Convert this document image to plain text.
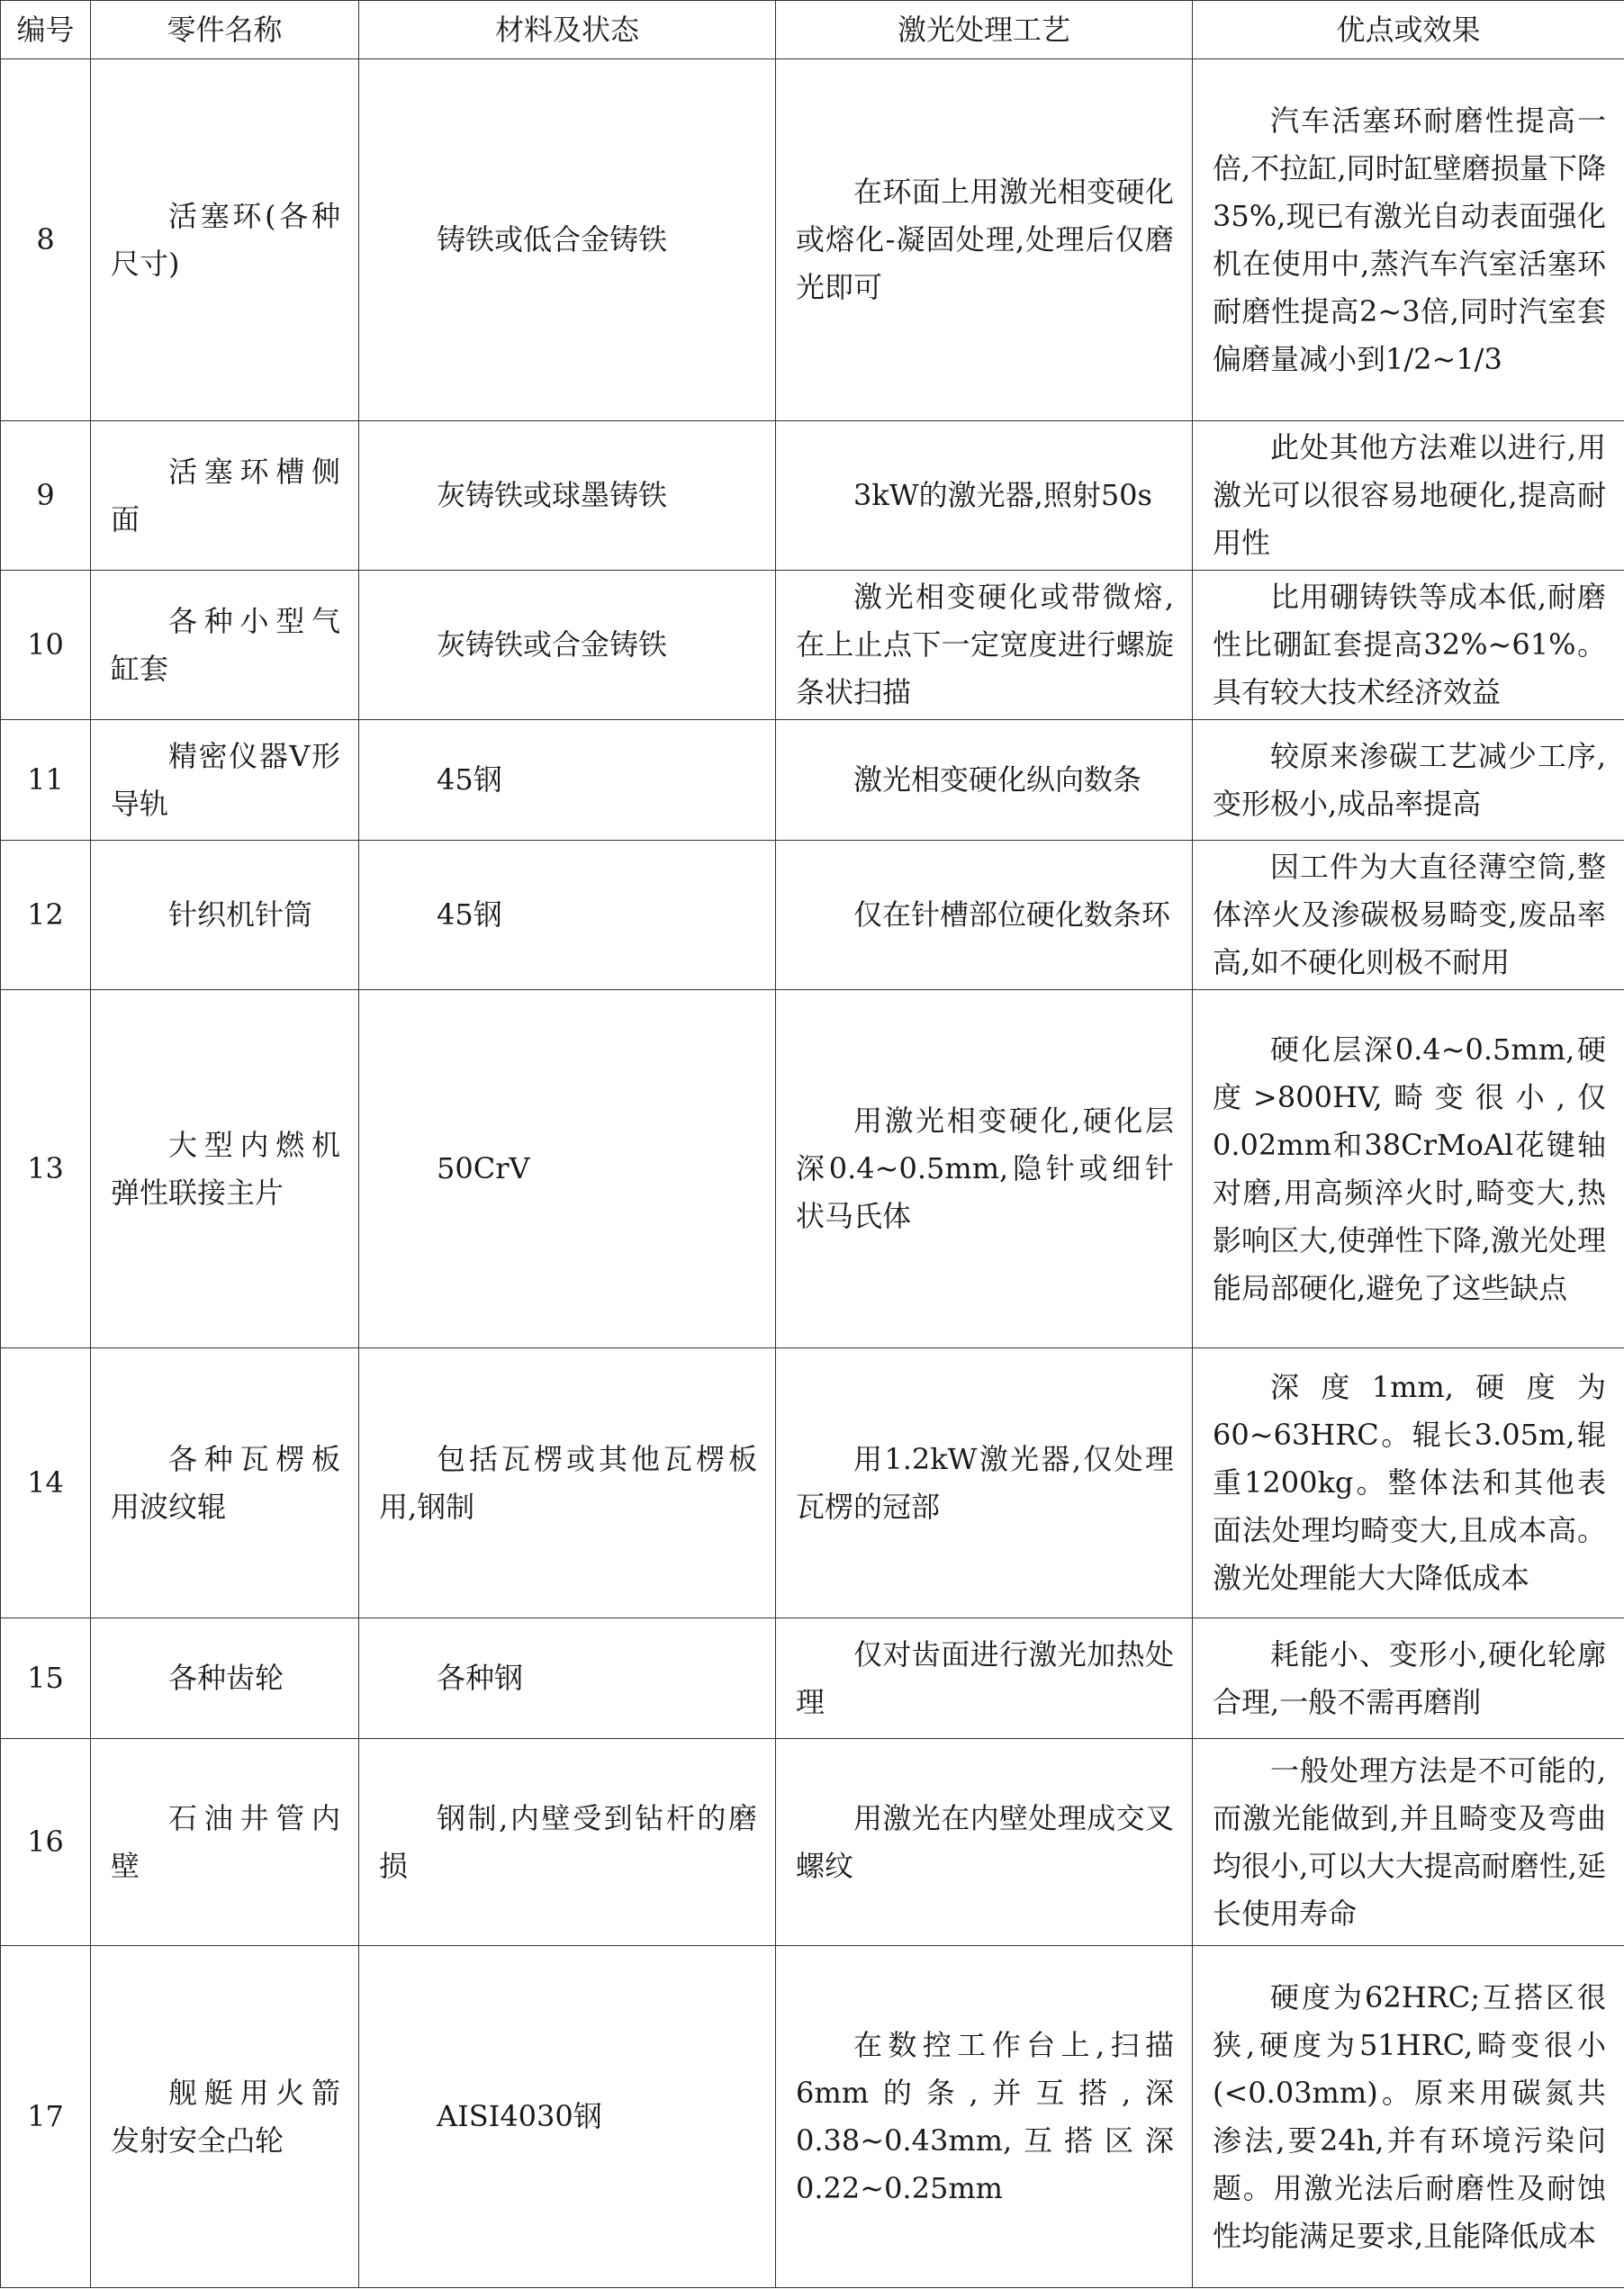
编号	零件名称	材料及状态	激光处理工艺	优点或效果
8	活塞环(各种尺寸)	铸铁或低合金铸铁	在环面上用激光相变硬化或熔化-凝固处理,处理后仅磨光即可	汽车活塞环耐磨性提高一倍,不拉缸,同时缸壁磨损量下降35%,现已有激光自动表面强化机在使用中,蒸汽车汽室活塞环耐磨性提高2~3倍,同时汽室套偏磨量减小到1/2~1/3

9	活塞环槽侧面	灰铸铁或球墨铸铁	3kW的激光器,照射50s	此处其他方法难以进行,用激光可以很容易地硬化,提高耐用性

10	各种小型气缸套	灰铸铁或合金铸铁	激光相变硬化或带微熔,在上止点下一定宽度进行螺旋条状扫描	比用硼铸铁等成本低,耐磨性比硼缸套提高32%~61%。具有较大技术经济效益

11	精密仪器V形导轨	45钢	激光相变硬化纵向数条	较原来渗碳工艺减少工序,变形极小,成品率提高

12	针织机针筒	45钢	仅在针槽部位硬化数条环	因工件为大直径薄空筒,整体淬火及渗碳极易畸变,废品率高,如不硬化则极不耐用

13	大型内燃机弹性联接主片	50CrV	用激光相变硬化,硬化层深0.4~0.5mm,隐针或细针状马氏体	硬化层深0.4~0.5mm,硬度>800HV,畸变很小,仅0.02mm和38CrMoAl花键轴对磨,用高频淬火时,畸变大,热影响区大,使弹性下降,激光处理能局部硬化,避免了这些缺点

14	各种瓦楞板用波纹辊	包括瓦楞或其他瓦楞板用,钢制	用1.2kW激光器,仅处理瓦楞的冠部	深度1mm,硬度为60~63HRC。辊长3.05m,辊重1200kg。整体法和其他表面法处理均畸变大,且成本高。激光处理能大大降低成本

15	各种齿轮	各种钢	仅对齿面进行激光加热处理	耗能小、变形小,硬化轮廓合理,一般不需再磨削

16	石油井管内壁	钢制,内壁受到钻杆的磨损	用激光在内壁处理成交叉螺纹	一般处理方法是不可能的,而激光能做到,并且畸变及弯曲均很小,可以大大提高耐磨性,延长使用寿命

17	舰艇用火箭发射安全凸轮	AISI4030钢	在数控工作台上,扫描6mm的条,并互搭,深0.38~0.43mm,互搭区深0.22~0.25mm	硬度为62HRC;互搭区很狭,硬度为51HRC,畸变很小(<0.03mm)。原来用碳氮共渗法,要24h,并有环境污染问题。用激光法后耐磨性及耐蚀性均能满足要求,且能降低成本
